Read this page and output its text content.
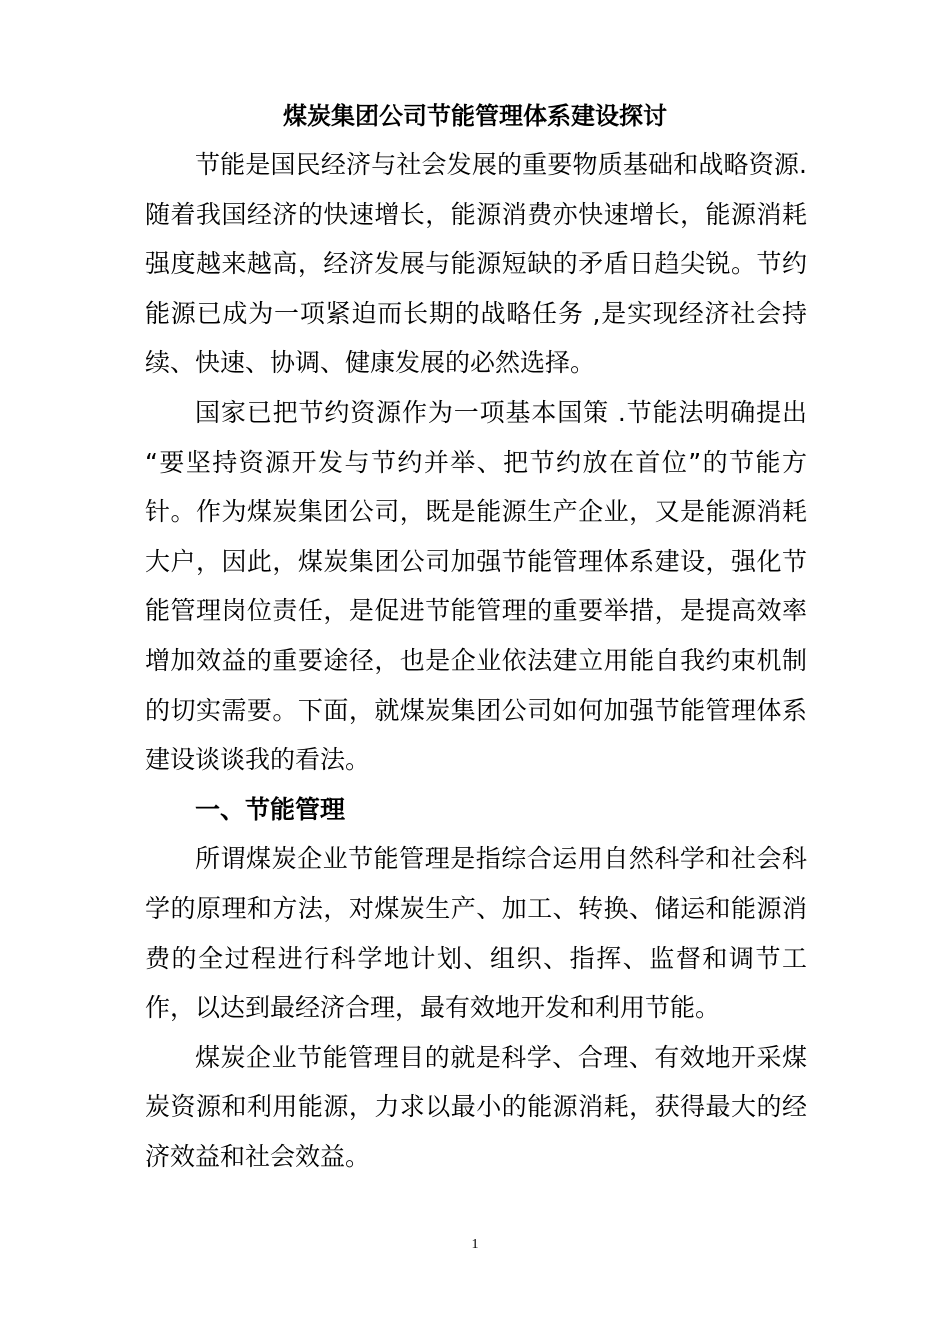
煤炭集团公司节能管理体系建设探讨

节能是国民经济与社会发展的重要物质基础和战略资源.随着我国经济的快速增长，能源消费亦快速增长，能源消耗强度越来越高，经济发展与能源短缺的矛盾日趋尖锐。节约能源已成为一项紧迫而长期的战略任务 ,是实现经济社会持续、快速、协调、健康发展的必然选择。

国家已把节约资源作为一项基本国策 .节能法明确提出 “要坚持资源开发与节约并举、把节约放在首位”的节能方针。作为煤炭集团公司，既是能源生产企业，又是能源消耗大户，因此，煤炭集团公司加强节能管理体系建设，强化节能管理岗位责任，是促进节能管理的重要举措，是提高效率增加效益的重要途径，也是企业依法建立用能自我约束机制的切实需要。下面，就煤炭集团公司如何加强节能管理体系建设谈谈我的看法。

一、节能管理

所谓煤炭企业节能管理是指综合运用自然科学和社会科学的原理和方法，对煤炭生产、加工、转换、储运和能源消费的全过程进行科学地计划、组织、指挥、监督和调节工作，以达到最经济合理，最有效地开发和利用节能。

煤炭企业节能管理目的就是科学、合理、有效地开采煤炭资源和利用能源，力求以最小的能源消耗，获得最大的经济效益和社会效益。

1
